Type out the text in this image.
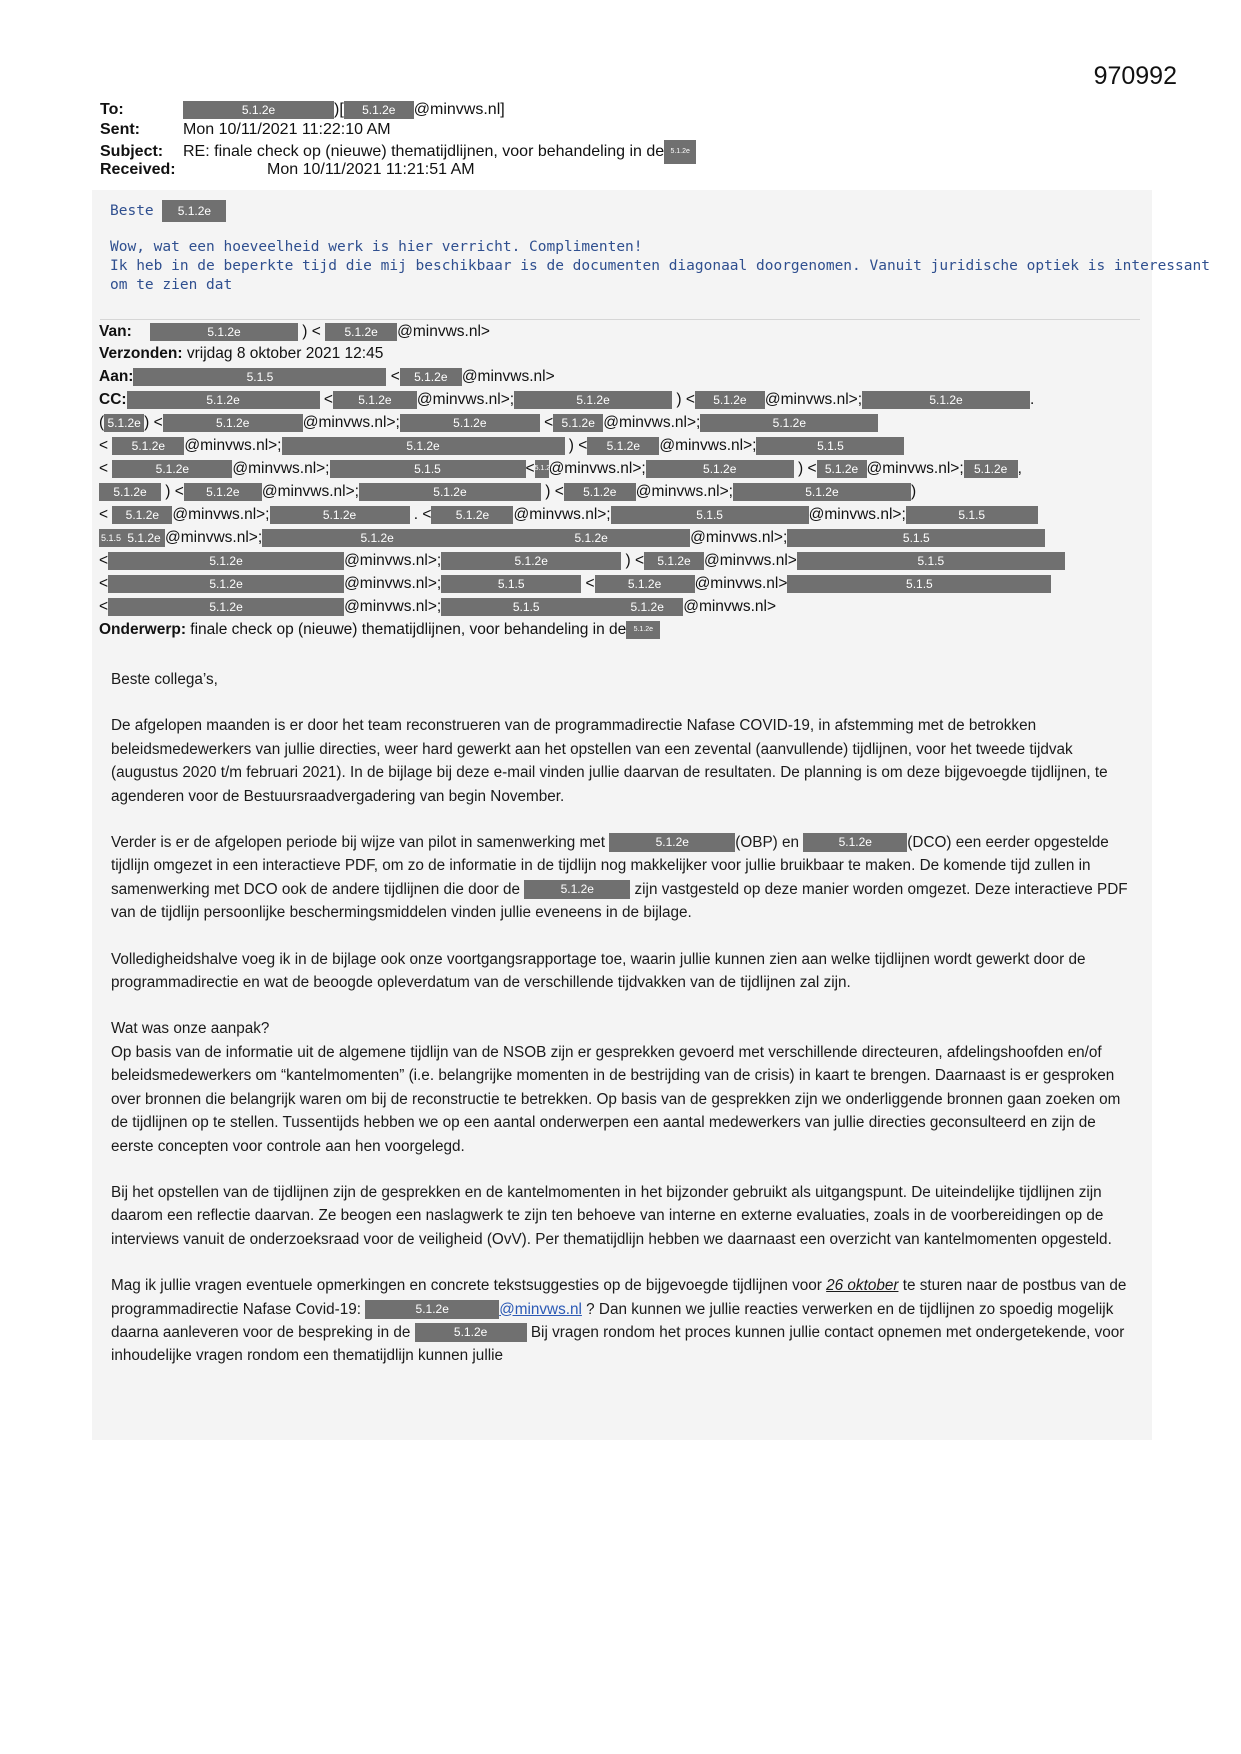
970992
To:	5.1.2e	)[ 5.1.2e @minvws.nl]
Sent:	Mon 10/11/2021 11:22:10 AM
Subject: RE: finale check op (nieuwe) thematijdlijnen, voor behandeling in de 5.1.2e
Received:	Mon 10/11/2021 11:21:51 AM
Beste 5.1.2e
Wow, wat een hoeveelheid werk is hier verricht. Complimenten!
Ik heb in de beperkte tijd die mij beschikbaar is de documenten diagonaal doorgenomen. Vanuit juridische optiek is interessant
om te zien dat
Van:	5.1.2e	) < 5.1.2e @minvws.nl>
Verzonden: vrijdag 8 oktober 2021 12:45
Aan:	5.1.5	< 5.1.2e @minvws.nl>
CC:	5.1.2e	< 5.1.2e @minvws.nl>;	5.1.2e	) < 5.1.2e @minvws.nl>;	5.1.2e	.
( 5.1.2e ) <	5.1.2e	@minvws.nl>;	5.1.2e	< 5.1.2e @minvws.nl>;	5.1.2e
< 5.1.2e @minvws.nl>;	5.1.2e	) < 5.1.2e @minvws.nl>;	5.1.5
<	5.1.2e	@minvws.nl>;	5.1.5	<5.1.2e@minvws.nl>;	5.1.2e	) < 5.1.2e @minvws.nl>; 5.1.2e ,
5.1.2e ) < 5.1.2e @minvws.nl>;	5.1.2e	) < 5.1.2e @minvws.nl>;	5.1.2e	)
< 5.1.2e @minvws.nl>;	5.1.2e	. < 5.1.2e @minvws.nl>;	5.1.5	@minvws.nl>;	5.1.5
5.1.5 5.1.2e @minvws.nl>;	5.1.2e	5.1.2e	@minvws.nl>;	5.1.5
<	5.1.2e	@minvws.nl>;	5.1.2e	) < 5.1.2e @minvws.nl>	5.1.5
<	5.1.2e	@minvws.nl>;	5.1.5	<	5.1.2e @minvws.nl>	5.1.5
<	5.1.2e	@minvws.nl>;	5.1.5	5.1.2e @minvws.nl>
Onderwerp: finale check op (nieuwe) thematijdlijnen, voor behandeling in de 5.1.2e

Beste collega’s,

De afgelopen maanden is er door het team reconstrueren van de programmadirectie Nafase COVID-19, in afstemming met de betrokken beleidsmedewerkers van jullie directies, weer hard gewerkt aan het opstellen van een zevental (aanvullende) tijdlijnen, voor het tweede tijdvak (augustus 2020 t/m februari 2021). In de bijlage bij deze e-mail vinden jullie daarvan de resultaten. De planning is om deze bijgevoegde tijdlijnen, te agenderen voor de Bestuursraadvergadering van begin November.

Verder is er de afgelopen periode bij wijze van pilot in samenwerking met	5.1.2e	(OBP) en	5.1.2e (DCO) een eerder opgestelde tijdlijn omgezet in een interactieve PDF, om zo de informatie in de tijdlijn nog makkelijker voor jullie bruikbaar te maken. De komende tijd zullen in samenwerking met DCO ook de andere tijdlijnen die door de	5.1.2e	zijn vastgesteld op deze manier worden omgezet. Deze interactieve PDF van de tijdlijn persoonlijke beschermingsmiddelen vinden jullie eveneens in de bijlage.

Volledigheidshalve voeg ik in de bijlage ook onze voortgangsrapportage toe, waarin jullie kunnen zien aan welke tijdlijnen wordt gewerkt door de programmadirectie en wat de beoogde opleverdatum van de verschillende tijdvakken van de tijdlijnen zal zijn.

Wat was onze aanpak?
Op basis van de informatie uit de algemene tijdlijn van de NSOB zijn er gesprekken gevoerd met verschillende directeuren, afdelingshoofden en/of beleidsmedewerkers om “kantelmomenten” (i.e. belangrijke momenten in de bestrijding van de crisis) in kaart te brengen. Daarnaast is er gesproken over bronnen die belangrijk waren om bij de reconstructie te betrekken. Op basis van de gesprekken zijn we onderliggende bronnen gaan zoeken om de tijdlijnen op te stellen. Tussentijds hebben we op een aantal onderwerpen een aantal medewerkers van jullie directies geconsulteerd en zijn de eerste concepten voor controle aan hen voorgelegd.

Bij het opstellen van de tijdlijnen zijn de gesprekken en de kantelmomenten in het bijzonder gebruikt als uitgangspunt. De uiteindelijke tijdlijnen zijn daarom een reflectie daarvan. Ze beogen een naslagwerk te zijn ten behoeve van interne en externe evaluaties, zoals in de voorbereidingen op de interviews vanuit de onderzoeksraad voor de veiligheid (OvV). Per thematijdlijn hebben we daarnaast een overzicht van kantelmomenten opgesteld.

Mag ik jullie vragen eventuele opmerkingen en concrete tekstsuggesties op de bijgevoegde tijdlijnen voor 26 oktober te sturen naar de postbus van de programmadirectie Nafase Covid-19:	5.1.2e	@minvws.nl ? Dan kunnen we jullie reacties verwerken en de tijdlijnen zo spoedig mogelijk daarna aanleveren voor de bespreking in de	5.1.2e	Bij vragen rondom het proces kunnen jullie contact opnemen met ondergetekende, voor inhoudelijke vragen rondom een thematijdlijn kunnen jullie
